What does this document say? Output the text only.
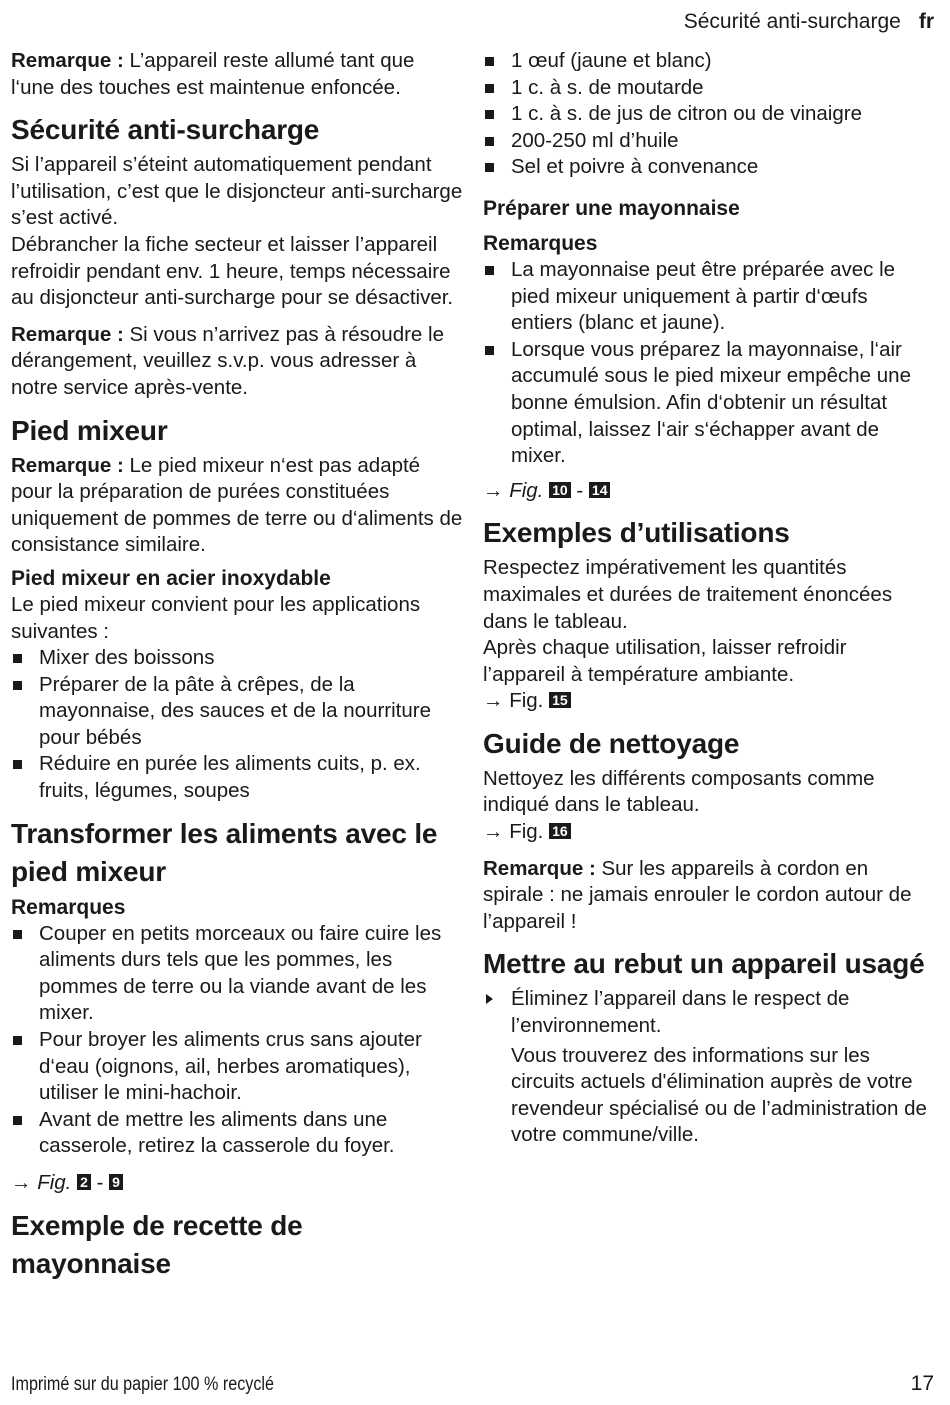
Sécurité anti-surcharge fr

Remarque : L’appareil reste allumé tant que l‘une des touches est maintenue enfoncée.

Sécurité anti-surcharge

Si l’appareil s’éteint automatiquement pendant l’utilisation, c’est que le disjoncteur anti-surcharge s’est activé.

Débrancher la fiche secteur et laisser l’appareil refroidir pendant env. 1 heure, temps nécessaire au disjoncteur anti-surcharge pour se désactiver.

Remarque : Si vous n’arrivez pas à résoudre le dérangement, veuillez s.v.p. vous adresser à notre service après-vente.

Pied mixeur

Remarque : Le pied mixeur n‘est pas adapté pour la préparation de purées constituées uniquement de pommes de terre ou d‘aliments de consistance similaire.

Pied mixeur en acier inoxydable

Le pied mixeur convient pour les applications suivantes :

Mixer des boissons
Préparer de la pâte à crêpes, de la mayonnaise, des sauces et de la nourriture pour bébés
Réduire en purée les aliments cuits, p. ex. fruits, légumes, soupes
Transformer les aliments avec le pied mixeur
Remarques
Couper en petits morceaux ou faire cuire les aliments durs tels que les pommes, les pommes de terre ou la viande avant de les mixer.
Pour broyer les aliments crus sans ajouter d‘eau (oignons, ail, herbes aromatiques), utiliser le mini-hachoir.
Avant de mettre les aliments dans une casserole, retirez la casserole du foyer.
→ Fig. 2 - 9
Exemple de recette de mayonnaise
1 œuf (jaune et blanc)
1 c. à s. de moutarde
1 c. à s. de jus de citron ou de vinaigre
200-250 ml d’huile
Sel et poivre à convenance
Préparer une mayonnaise
Remarques
La mayonnaise peut être préparée avec le pied mixeur uniquement à partir d‘œufs entiers (blanc et jaune).
Lorsque vous préparez la mayonnaise, l‘air accumulé sous le pied mixeur empêche une bonne émulsion. Afin d‘obtenir un résultat optimal, laissez l‘air s‘échapper avant de mixer.
→ Fig. 10 - 14
Exemples d’utilisations

Respectez impérativement les quantités maximales et durées de traitement énoncées dans le tableau.

Après chaque utilisation, laisser refroidir l’appareil à température ambiante.

→ Fig. 15
Guide de nettoyage

Nettoyez les différents composants comme indiqué dans le tableau.

→ Fig. 16

Remarque : Sur les appareils à cordon en spirale : ne jamais enrouler le cordon autour de l’appareil !

Mettre au rebut un appareil usagé
Éliminez l’appareil dans le respect de l’environnement.

Vous trouverez des informations sur les circuits actuels d'élimination auprès de votre revendeur spécialisé ou de l’administration de votre commune/ville.

Imprimé sur du papier 100 % recyclé	17
